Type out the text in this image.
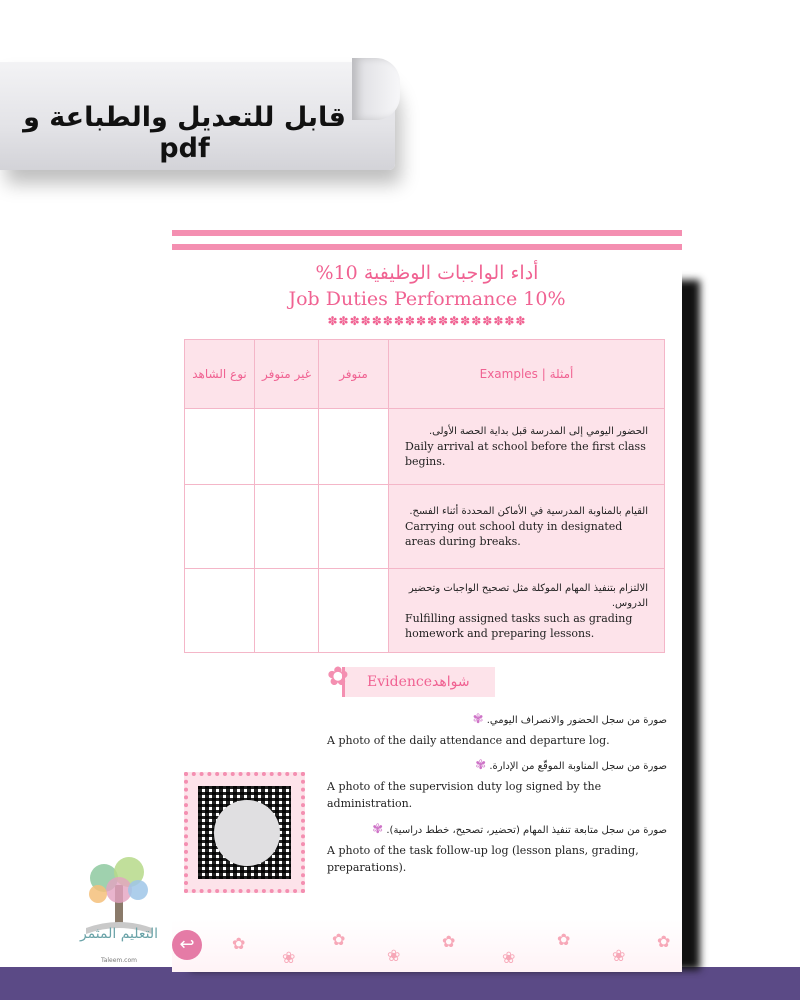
قابل للتعديل والطباعة و pdf
أداء الواجبات الوظيفية 10%
Job Duties Performance 10%
✽✽✽✽✽✽✽✽✽✽✽✽✽✽✽✽✽✽
نوع الشاهد	غير متوفر	متوفر	Examples | أمثلة

			الحضور اليومي إلى المدرسة قبل بداية الحصة الأولى.
Daily arrival at school before the first class begins.

			القيام بالمناوبة المدرسية في الأماكن المحددة أثناء الفسح.
Carrying out school duty in designated areas during breaks.

			الالتزام بتنفيذ المهام الموكلة مثل تصحيح الواجبات وتحضير الدروس.
Fulfilling assigned tasks such as grading homework and preparing lessons.
✿ Evidence شواهد
صورة من سجل الحضور والانصراف اليومي. ✾
A photo of the daily attendance and departure log.
صورة من سجل المناوبة الموقّع من الإدارة. ✾
A photo of the supervision duty log signed by the administration.
صورة من سجل متابعة تنفيذ المهام (تحضير، تصحيح، خطط دراسية). ✾
A photo of the task follow-up log (lesson plans, grading, preparations).
✿
❀
✿
❀
✿
❀
✿
❀
✿
↩
التعليم المثمر
Taleem.com
